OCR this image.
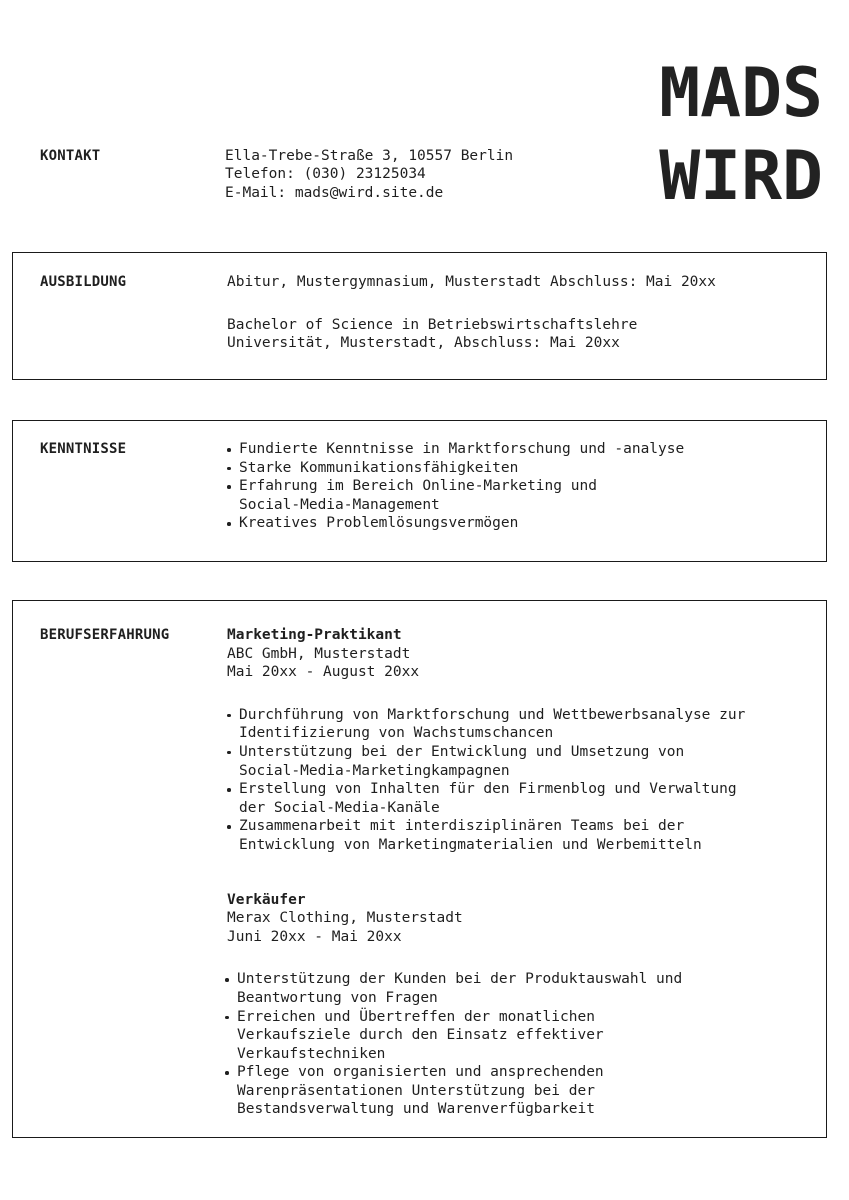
MADS
WIRD
KONTAKT	Ella-Trebe-Straße 3, 10557 Berlin
Telefon: (030) 23125034
E-Mail: mads@wird.site.de
AUSBILDUNG	Abitur, Mustergymnasium, Musterstadt Abschluss: Mai 20xx
Bachelor of Science in Betriebswirtschaftslehre
Universität, Musterstadt, Abschluss: Mai 20xx
KENNTNISSE	Fundierte Kenntnisse in Marktforschung und -analyse
Starke Kommunikationsfähigkeiten
Erfahrung im Bereich Online-Marketing und
Social-Media-Management
Kreatives Problemlösungsvermögen
BERUFSERFAHRUNG	Marketing-Praktikant
ABC GmbH, Musterstadt
Mai 20xx - August 20xx
Durchführung von Marktforschung und Wettbewerbsanalyse zur
Identifizierung von Wachstumschancen
Unterstützung bei der Entwicklung und Umsetzung von
Social-Media-Marketingkampagnen
Erstellung von Inhalten für den Firmenblog und Verwaltung
der Social-Media-Kanäle
Zusammenarbeit mit interdisziplinären Teams bei der
Entwicklung von Marketingmaterialien und Werbemitteln
Verkäufer
Merax Clothing, Musterstadt
Juni 20xx - Mai 20xx
Unterstützung der Kunden bei der Produktauswahl und
Beantwortung von Fragen
Erreichen und Übertreffen der monatlichen
Verkaufsziele durch den Einsatz effektiver
Verkaufstechniken
Pflege von organisierten und ansprechenden
Warenpräsentationen Unterstützung bei der
Bestandsverwaltung und Warenverfügbarkeit
